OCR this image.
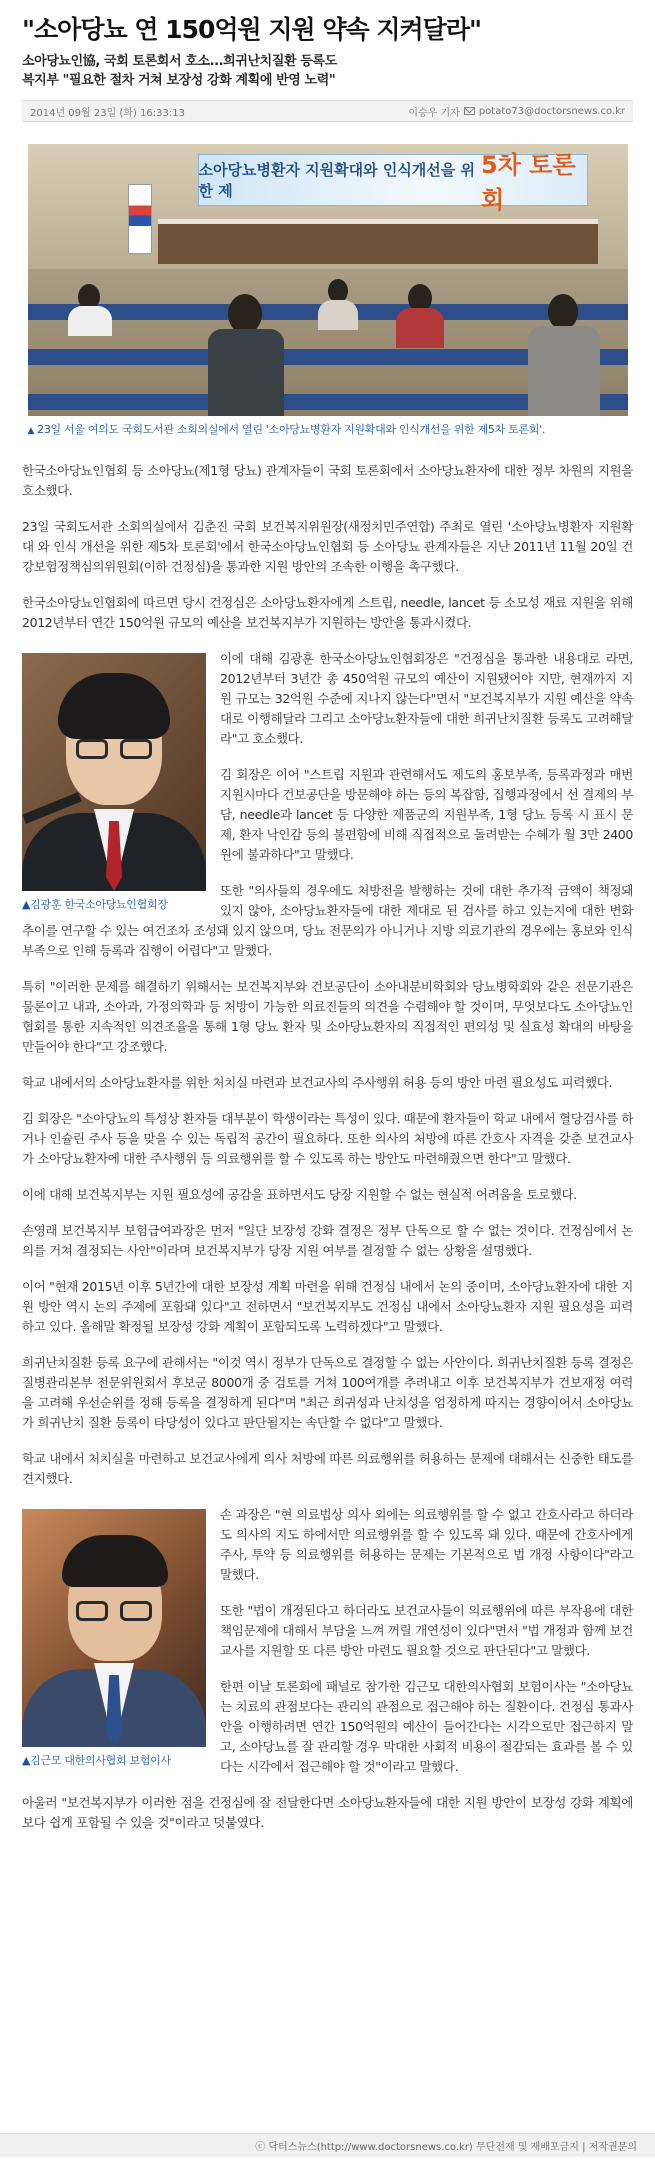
"소아당뇨 연 150억원 지원 약속 지켜달라"
소아당뇨인協, 국회 토론회서 호소...희귀난치질환 등록도
복지부 "필요한 절차 거쳐 보장성 강화 계획에 반영 노력"
2014년 09월 23일 (화) 16:33:13	이승우 기자 potato73@doctorsnews.co.kr
소아당뇨병환자 지원확대와 인식개선을 위한 제
5차 토론회
▲ 23일 서울 여의도 국회도서관 소회의실에서 열린 '소아당뇨병환자 지원확대와 인식개선을 위한 제5차 토론회'.

한국소아당뇨인협회 등 소아당뇨(제1형 당뇨) 관계자들이 국회 토론회에서 소아당뇨환자에 대한 정부 차원의 지원을 호소했다.

23일 국회도서관 소회의실에서 김춘진 국회 보건복지위원장(새정치민주연합) 주최로 열린 '소아당뇨병환자 지원확대 와 인식 개선을 위한 제5차 토론회'에서 한국소아당뇨인협회 등 소아당뇨 관계자들은 지난 2011년 11월 20일 건강보험정책심의위원회(이하 건정심)을 통과한 지원 방안의 조속한 이행을 촉구했다.

한국소아당뇨인협회에 따르면 당시 건정심은 소아당뇨환자에게 스트립, needle, lancet 등 소모성 재료 지원을 위해 2012년부터 연간 150억원 규모의 예산을 보건복지부가 지원하는 방안을 통과시켰다.

▲김광훈 한국소아당뇨인협회장

이에 대해 김광훈 한국소아당뇨인협회장은 "건정심을 통과한 내용대로 라면, 2012년부터 3년간 총 450억원 규모의 예산이 지원됐어야 지만, 현재까지 지원 규모는 32억원 수준에 지나지 않는다"면서 "보건복지부가 지원 예산을 약속대로 이행해달라 그리고 소아당뇨환자들에 대한 희귀난치질환 등록도 고려해달라"고 호소했다.

김 회장은 이어 "스트립 지원과 관련해서도 제도의 홍보부족, 등록과정과 매번 지원시마다 건보공단을 방문해야 하는 등의 복잡함, 집행과정에서 선 결제의 부담, needle과 lancet 등 다양한 제품군의 지원부족, 1형 당뇨 등록 시 표시 문제, 환자 낙인감 등의 불편함에 비해 직접적으로 돌려받는 수혜가 월 3만 2400원에 불과하다"고 말했다.

또한 "의사들의 경우에도 처방전을 발행하는 것에 대한 추가적 금액이 책정돼 있지 않아, 소아당뇨환자들에 대한 제대로 된 검사를 하고 있는지에 대한 변화추이를 연구할 수 있는 여건조차 조성돼 있지 않으며, 당뇨 전문의가 아니거나 지방 의료기관의 경우에는 홍보와 인식부족으로 인해 등록과 집행이 어렵다"고 말했다.

특히 "이러한 문제를 해결하기 위해서는 보건복지부와 건보공단이 소아내분비학회와 당뇨병학회와 같은 전문기관은 물론이고 내과, 소아과, 가정의학과 등 처방이 가능한 의료진들의 의견을 수렴해야 할 것이며, 무엇보다도 소아당뇨인협회를 통한 지속적인 의견조율을 통해 1형 당뇨 환자 및 소아당뇨환자의 직접적인 편의성 및 실효성 확대의 바탕을 만들어야 한다"고 강조했다.

학교 내에서의 소아당뇨환자를 위한 처치실 마련과 보건교사의 주사행위 허용 등의 방안 마련 필요성도 피력했다.

김 회장은 "소아당뇨의 특성상 환자들 대부분이 학생이라는 특성이 있다. 때문에 환자들이 학교 내에서 혈당검사를 하거나 인슐린 주사 등을 맞을 수 있는 독립적 공간이 필요하다. 또한 의사의 처방에 따른 간호사 자격을 갖춘 보건교사가 소아당뇨환자에 대한 주사행위 등 의료행위를 할 수 있도록 하는 방안도 마련해줬으면 한다"고 말했다.

이에 대해 보건복지부는 지원 필요성에 공감을 표하면서도 당장 지원할 수 없는 현실적 어려움을 토로했다.

손영래 보건복지부 보험급여과장은 먼저 "일단 보장성 강화 결정은 정부 단독으로 할 수 없는 것이다. 건정심에서 논의를 거쳐 결정되는 사안"이라며 보건복지부가 당장 지원 여부를 결정할 수 없는 상황을 설명했다.

이어 "현재 2015년 이후 5년간에 대한 보장성 계획 마련을 위해 건정심 내에서 논의 중이며, 소아당뇨환자에 대한 지원 방안 역시 논의 주제에 포함돼 있다"고 전하면서 "보건복지부도 건정심 내에서 소아당뇨환자 지원 필요성을 피력하고 있다. 올해말 확정될 보장성 강화 계획이 포함되도록 노력하겠다"고 말했다.

희귀난치질환 등록 요구에 관해서는 "이것 역시 정부가 단독으로 결정할 수 없는 사안이다. 희귀난치질환 등록 결정은 질병관리본부 전문위원회서 후보군 8000개 중 검토를 거쳐 100여개를 추려내고 이후 보건복지부가 건보재정 여력을 고려해 우선순위를 정해 등록을 결정하게 된다"며 "최근 희귀성과 난치성을 엄정하게 따지는 경향이어서 소아당뇨가 희귀난치 질환 등록이 타당성이 있다고 판단될지는 속단할 수 없다"고 말했다.

학교 내에서 처치실을 마련하고 보건교사에게 의사 처방에 따른 의료행위를 허용하는 문제에 대해서는 신중한 태도를 견지했다.

▲김근모 대한의사협회 보험이사

손 과장은 "현 의료법상 의사 외에는 의료행위를 할 수 없고 간호사라고 하더라도 의사의 지도 하에서만 의료행위를 할 수 있도록 돼 있다. 때문에 간호사에게 주사, 투약 등 의료행위를 허용하는 문제는 기본적으로 법 개정 사항이다"라고 말했다.

또한 "법이 개정된다고 하더라도 보건교사들이 의료행위에 따른 부작용에 대한 책임문제에 대해서 부담을 느껴 꺼릴 개연성이 있다"면서 "법 개정과 함께 보건교사를 지원할 또 다른 방안 마련도 필요할 것으로 판단된다"고 말했다.

한편 이날 토론회에 패널로 참가한 김근모 대한의사협회 보험이사는 "소아당뇨는 치료의 관점보다는 관리의 관점으로 접근해야 하는 질환이다. 건정심 통과사안을 이행하려면 연간 150억원의 예산이 들어간다는 시각으로만 접근하지 말고, 소아당뇨를 잘 관리할 경우 막대한 사회적 비용이 절감되는 효과를 볼 수 있다는 시각에서 접근해야 할 것"이라고 말했다.

아울러 "보건복지부가 이러한 점을 건정심에 잘 전달한다면 소아당뇨환자들에 대한 지원 방안이 보장성 강화 계획에 보다 쉽게 포함될 수 있을 것"이라고 덧붙였다.

ⓒ 닥터스뉴스(http://www.doctorsnews.co.kr) 무단전재 및 재배포금지 | 저작권문의
